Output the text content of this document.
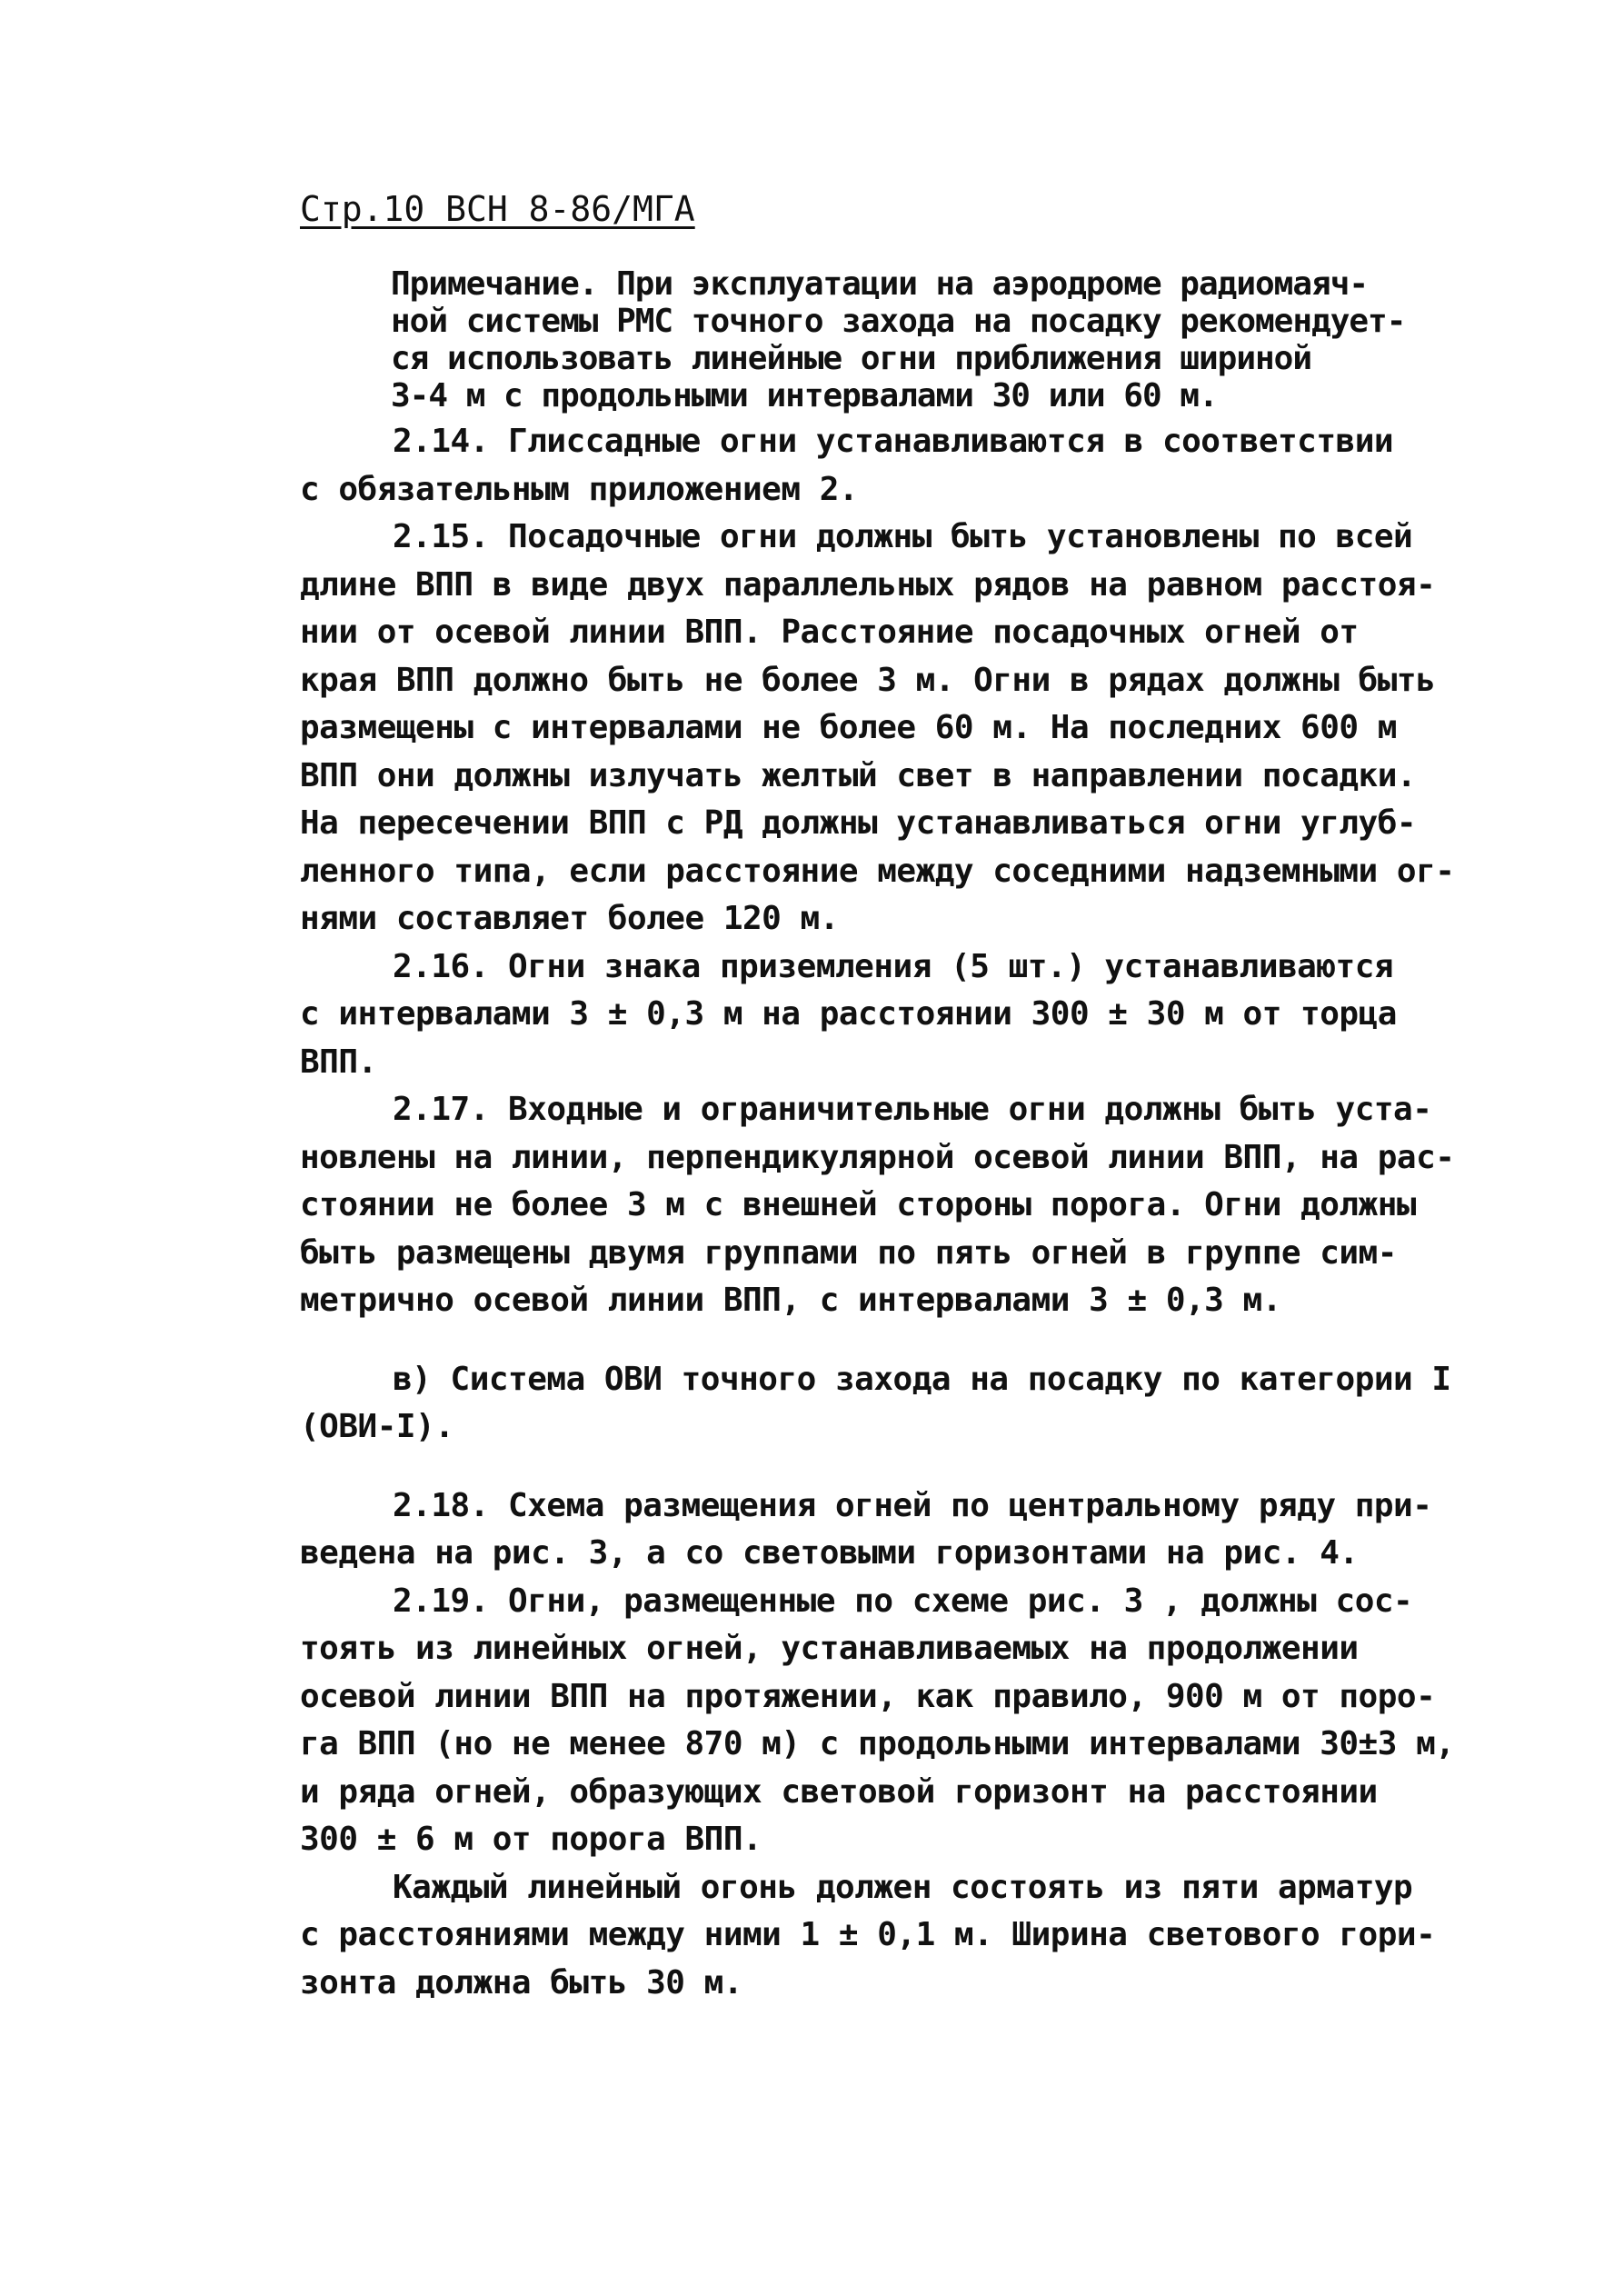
Стр.10 ВСН 8-86/МГА
Примечание. При эксплуатации на аэродроме радиомаяч-
ной системы РМС точного захода на посадку рекомендует-
ся использовать линейные огни приближения шириной
3-4 м с продольными интервалами 30 или 60 м.
2.14. Глиссадные огни устанавливаются в соответствии
с обязательным приложением 2.
2.15. Посадочные огни должны быть установлены по всей
длине ВПП в виде двух параллельных рядов на равном расстоя-
нии от осевой линии ВПП. Расстояние посадочных огней от
края ВПП должно быть не более 3 м. Огни в рядах должны быть
размещены с интервалами не более 60 м. На последних 600 м
ВПП они должны излучать желтый свет в направлении посадки.
На пересечении ВПП с РД должны устанавливаться огни углуб-
ленного типа, если расстояние между соседними надземными ог-
нями составляет более 120 м.
2.16. Огни знака приземления (5 шт.) устанавливаются
с интервалами 3 ± 0,3 м на расстоянии 300 ± 30 м от торца
ВПП.
2.17. Входные и ограничительные огни должны быть уста-
новлены на линии, перпендикулярной осевой линии ВПП, на рас-
стоянии не более 3 м с внешней стороны порога. Огни должны
быть размещены двумя группами по пять огней в группе сим-
метрично осевой линии ВПП, с интервалами 3 ± 0,3 м.
в) Система ОВИ точного захода на посадку по категории I
(ОВИ-I).
2.18. Схема размещения огней по центральному ряду при-
ведена на рис. 3, а со световыми горизонтами на рис. 4.
2.19. Огни, размещенные по схеме рис. 3 , должны сос-
тоять из линейных огней, устанавливаемых на продолжении
осевой линии ВПП на протяжении, как правило, 900 м от поро-
га ВПП (но не менее 870 м) с продольными интервалами 30±3 м,
и ряда огней, образующих световой горизонт на расстоянии
300 ± 6 м от порога ВПП.
Каждый линейный огонь должен состоять из пяти арматур
с расстояниями между ними 1 ± 0,1 м. Ширина светового гори-
зонта должна быть 30 м.
